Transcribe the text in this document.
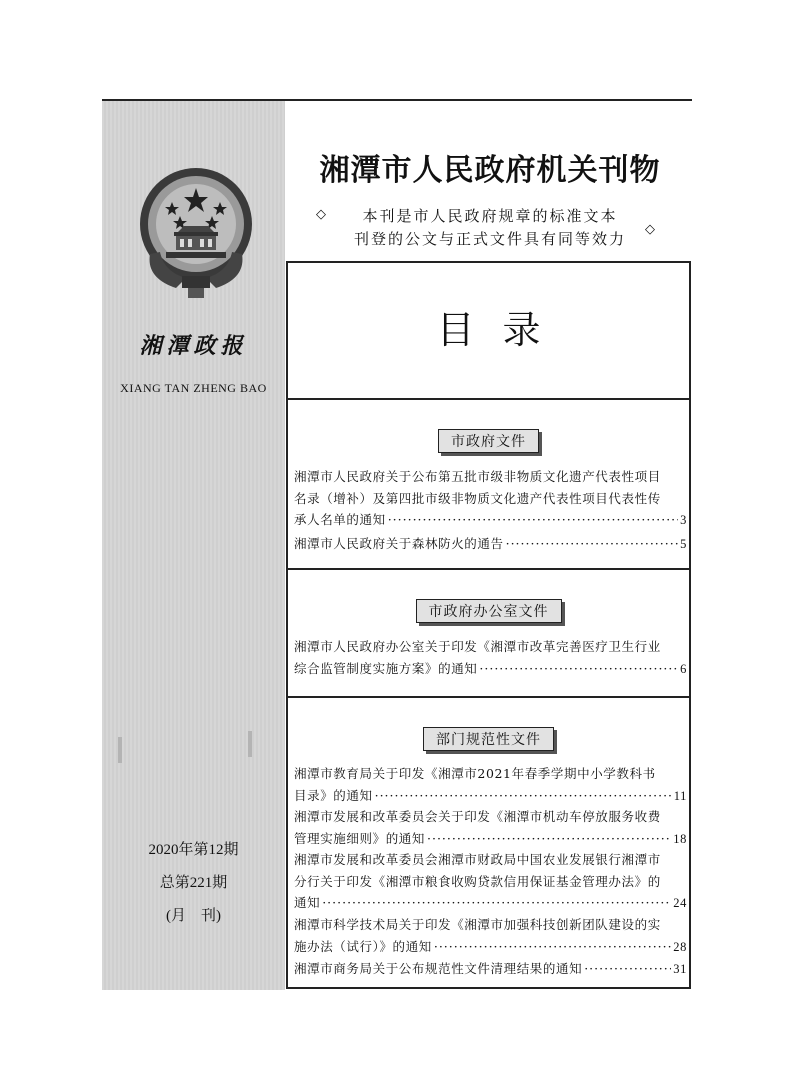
湘潭政报
XIANG TAN ZHENG BAO
2020年第12期
总第221期
(月　刊)
湘潭市人民政府机关刊物
◇	本刊是市人民政府规章的标准文本
刊登的公文与正式文件具有同等效力
◇
目录
市政府文件
湘潭市人民政府关于公布第五批市级非物质文化遗产代表性项目
名录（增补）及第四批市级非物质文化遗产代表性项目代表性传
承人名单的通知 ·····	3
湘潭市人民政府关于森林防火的通告 ·····	5
市政府办公室文件
湘潭市人民政府办公室关于印发《湘潭市改革完善医疗卫生行业
综合监管制度实施方案》的通知 ·····	6
部门规范性文件
湘潭市教育局关于印发《湘潭市2021年春季学期中小学教科书
目录》的通知 ·····	11
湘潭市发展和改革委员会关于印发《湘潭市机动车停放服务收费
管理实施细则》的通知 ·····	18
湘潭市发展和改革委员会湘潭市财政局中国农业发展银行湘潭市
分行关于印发《湘潭市粮食收购贷款信用保证基金管理办法》的
通知 ·····	24
湘潭市科学技术局关于印发《湘潭市加强科技创新团队建设的实
施办法（试行）》的通知 ·····	28
湘潭市商务局关于公布规范性文件清理结果的通知 ·····	31
